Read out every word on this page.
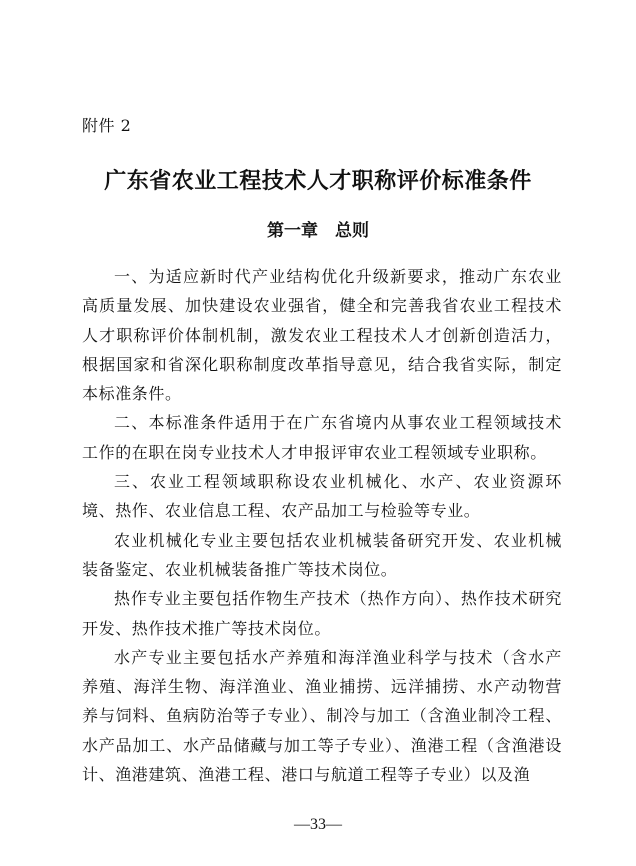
附件 2
广东省农业工程技术人才职称评价标准条件
第一章　总则

一、为适应新时代产业结构优化升级新要求，推动广东农业高质量发展、加快建设农业强省，健全和完善我省农业工程技术人才职称评价体制机制，激发农业工程技术人才创新创造活力，根据国家和省深化职称制度改革指导意见，结合我省实际，制定本标准条件。

二、本标准条件适用于在广东省境内从事农业工程领域技术工作的在职在岗专业技术人才申报评审农业工程领域专业职称。

三、农业工程领域职称设农业机械化、水产、农业资源环境、热作、农业信息工程、农产品加工与检验等专业。

农业机械化专业主要包括农业机械装备研究开发、农业机械装备鉴定、农业机械装备推广等技术岗位。

热作专业主要包括作物生产技术（热作方向）、热作技术研究开发、热作技术推广等技术岗位。

水产专业主要包括水产养殖和海洋渔业科学与技术（含水产养殖、海洋生物、海洋渔业、渔业捕捞、远洋捕捞、水产动物营养与饲料、鱼病防治等子专业）、制冷与加工（含渔业制冷工程、水产品加工、水产品储藏与加工等子专业）、渔港工程（含渔港设计、渔港建筑、渔港工程、港口与航道工程等子专业）以及渔

—33—
